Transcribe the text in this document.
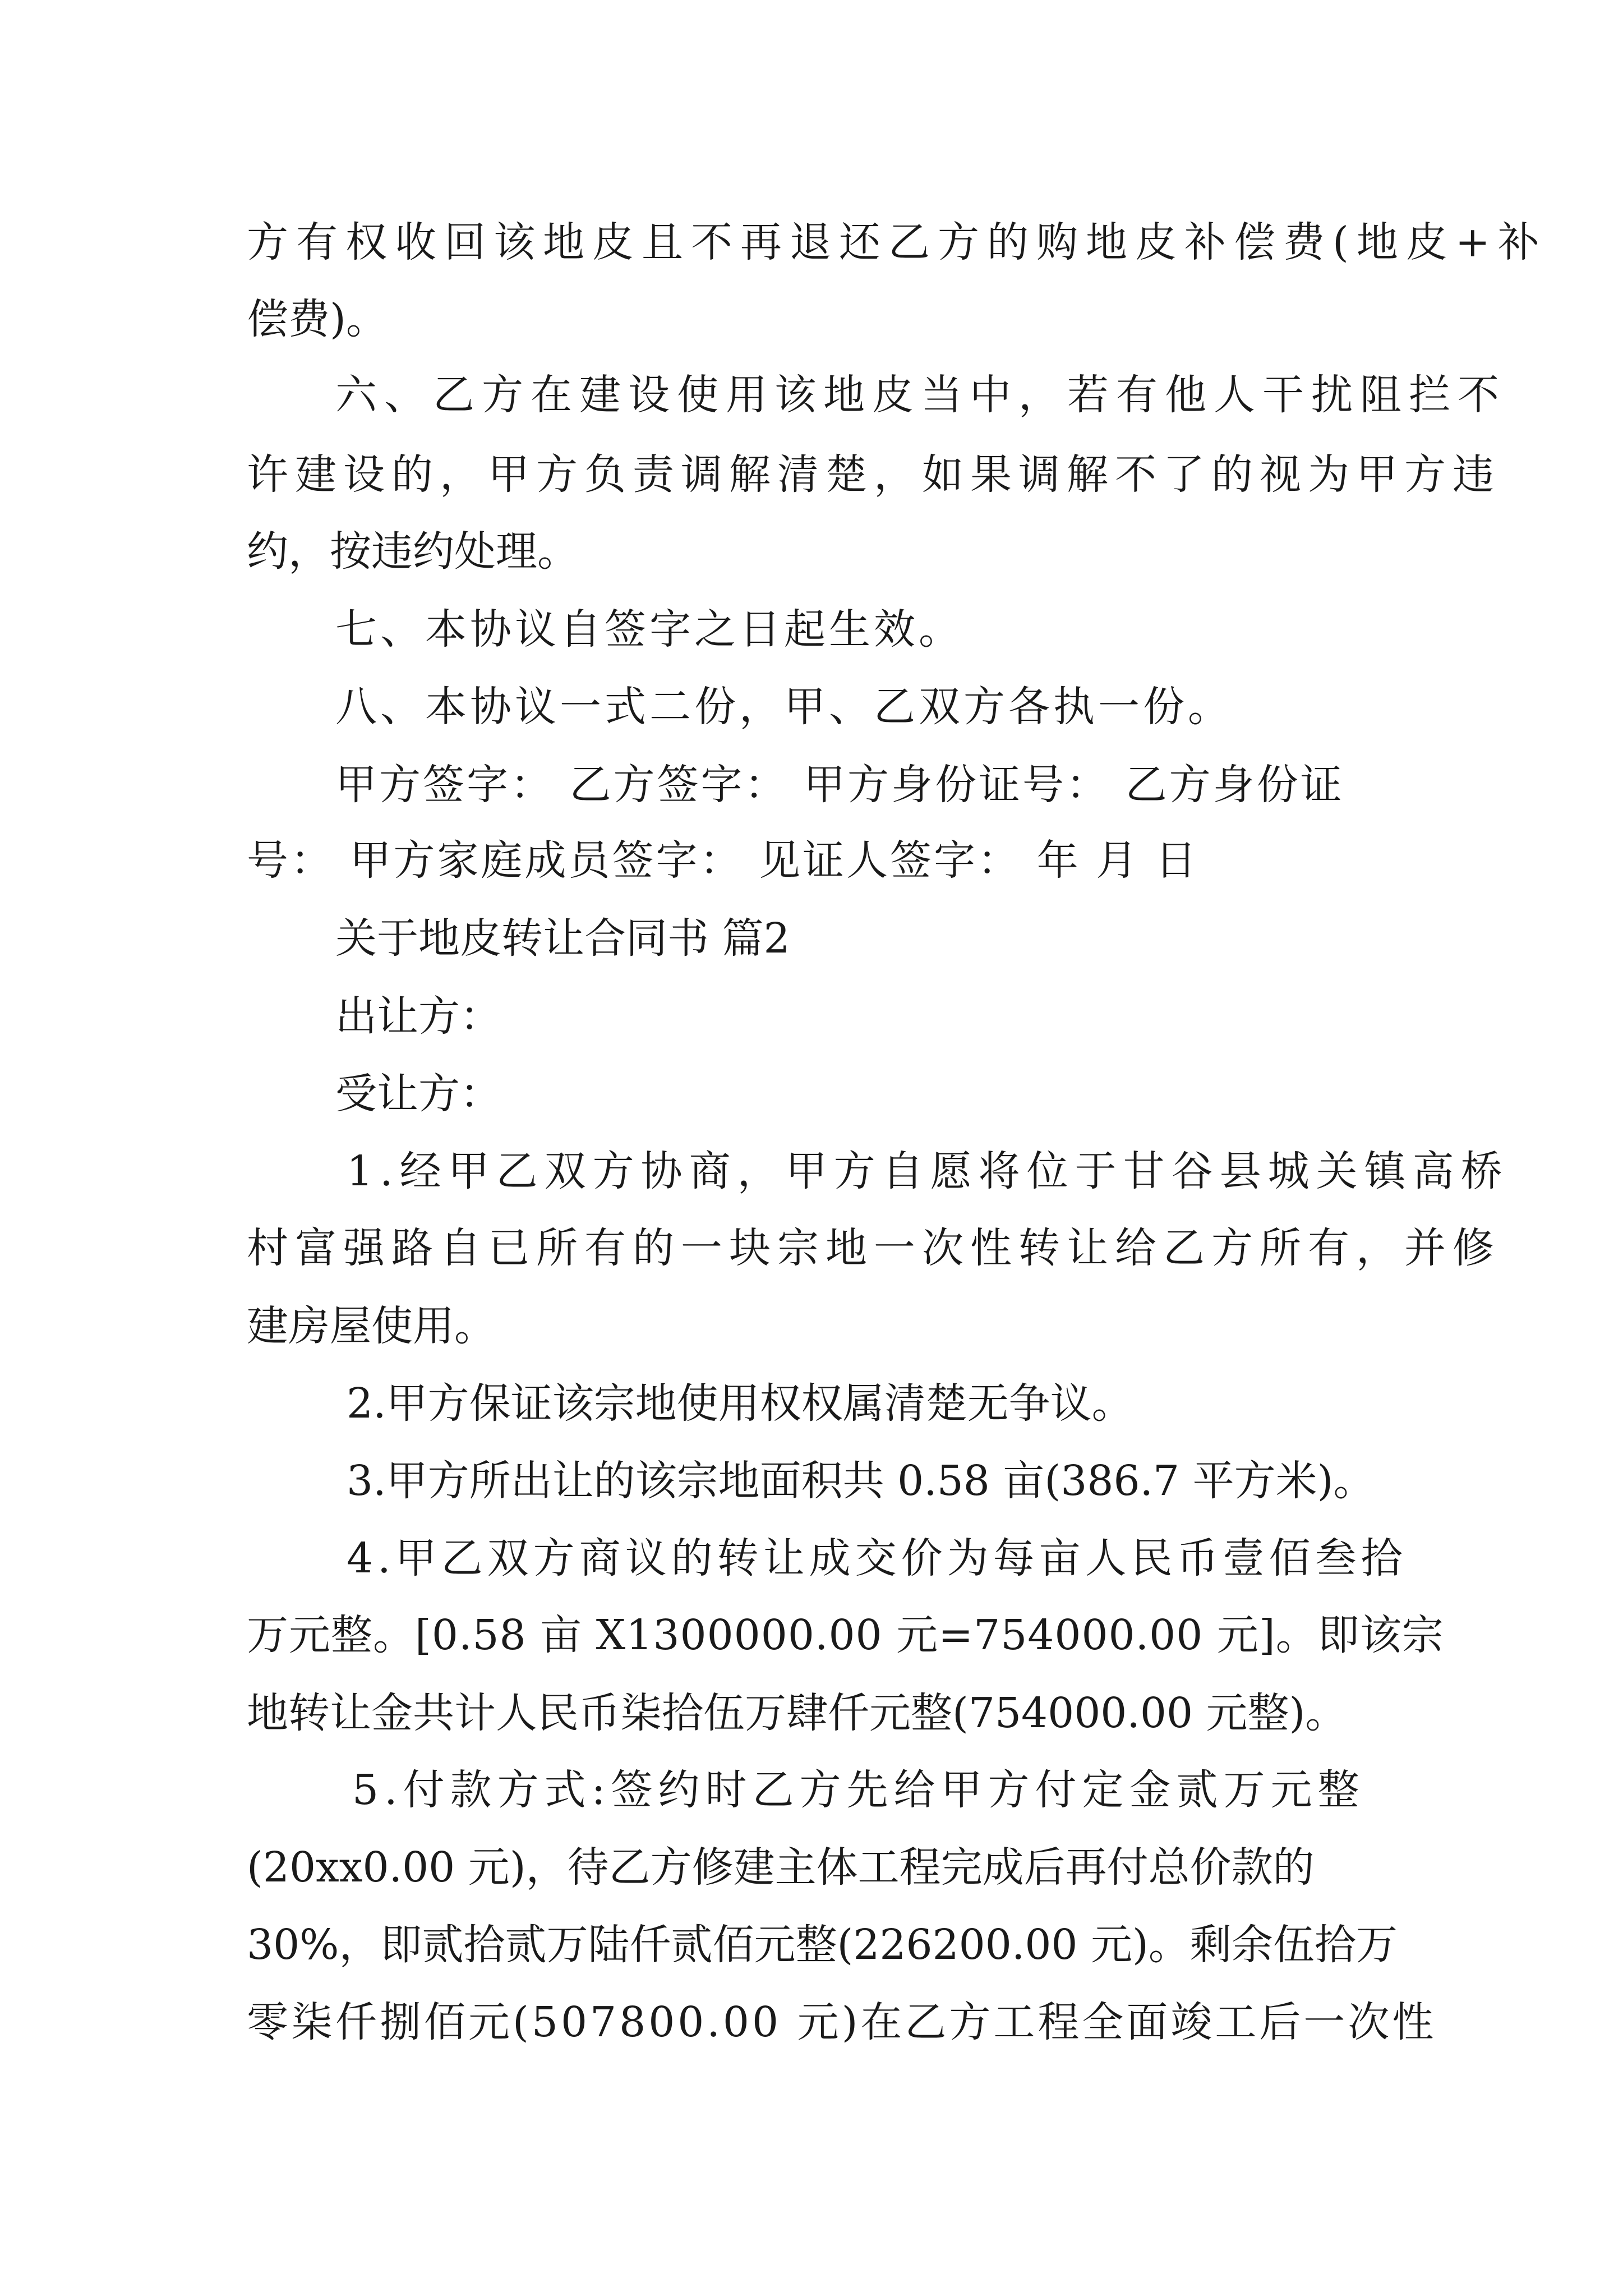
方有权收回该地皮且不再退还乙方的购地皮补偿费(地皮+补
偿费)。
六、乙方在建设使用该地皮当中，若有他人干扰阻拦不
许建设的，甲方负责调解清楚，如果调解不了的视为甲方违
约，按违约处理。
七、本协议自签字之日起生效。
八、本协议一式二份，甲、乙双方各执一份。
甲方签字： 乙方签字： 甲方身份证号： 乙方身份证
号： 甲方家庭成员签字： 见证人签字： 年 月 日
关于地皮转让合同书 篇2
出让方：
受让方：
1.经甲乙双方协商，甲方自愿将位于甘谷县城关镇高桥
村富强路自已所有的一块宗地一次性转让给乙方所有，并修
建房屋使用。
2.甲方保证该宗地使用权权属清楚无争议。
3.甲方所出让的该宗地面积共 0.58 亩(386.7 平方米)。
4.甲乙双方商议的转让成交价为每亩人民币壹佰叁拾
万元整。[0.58 亩 X1300000.00 元=754000.00 元]。即该宗
地转让金共计人民币柒拾伍万肆仟元整(754000.00 元整)。
5.付款方式:签约时乙方先给甲方付定金贰万元整
(20xx0.00 元)，待乙方修建主体工程完成后再付总价款的
30%，即贰拾贰万陆仟贰佰元整(226200.00 元)。剩余伍拾万
零柒仟捌佰元(507800.00 元)在乙方工程全面竣工后一次性
